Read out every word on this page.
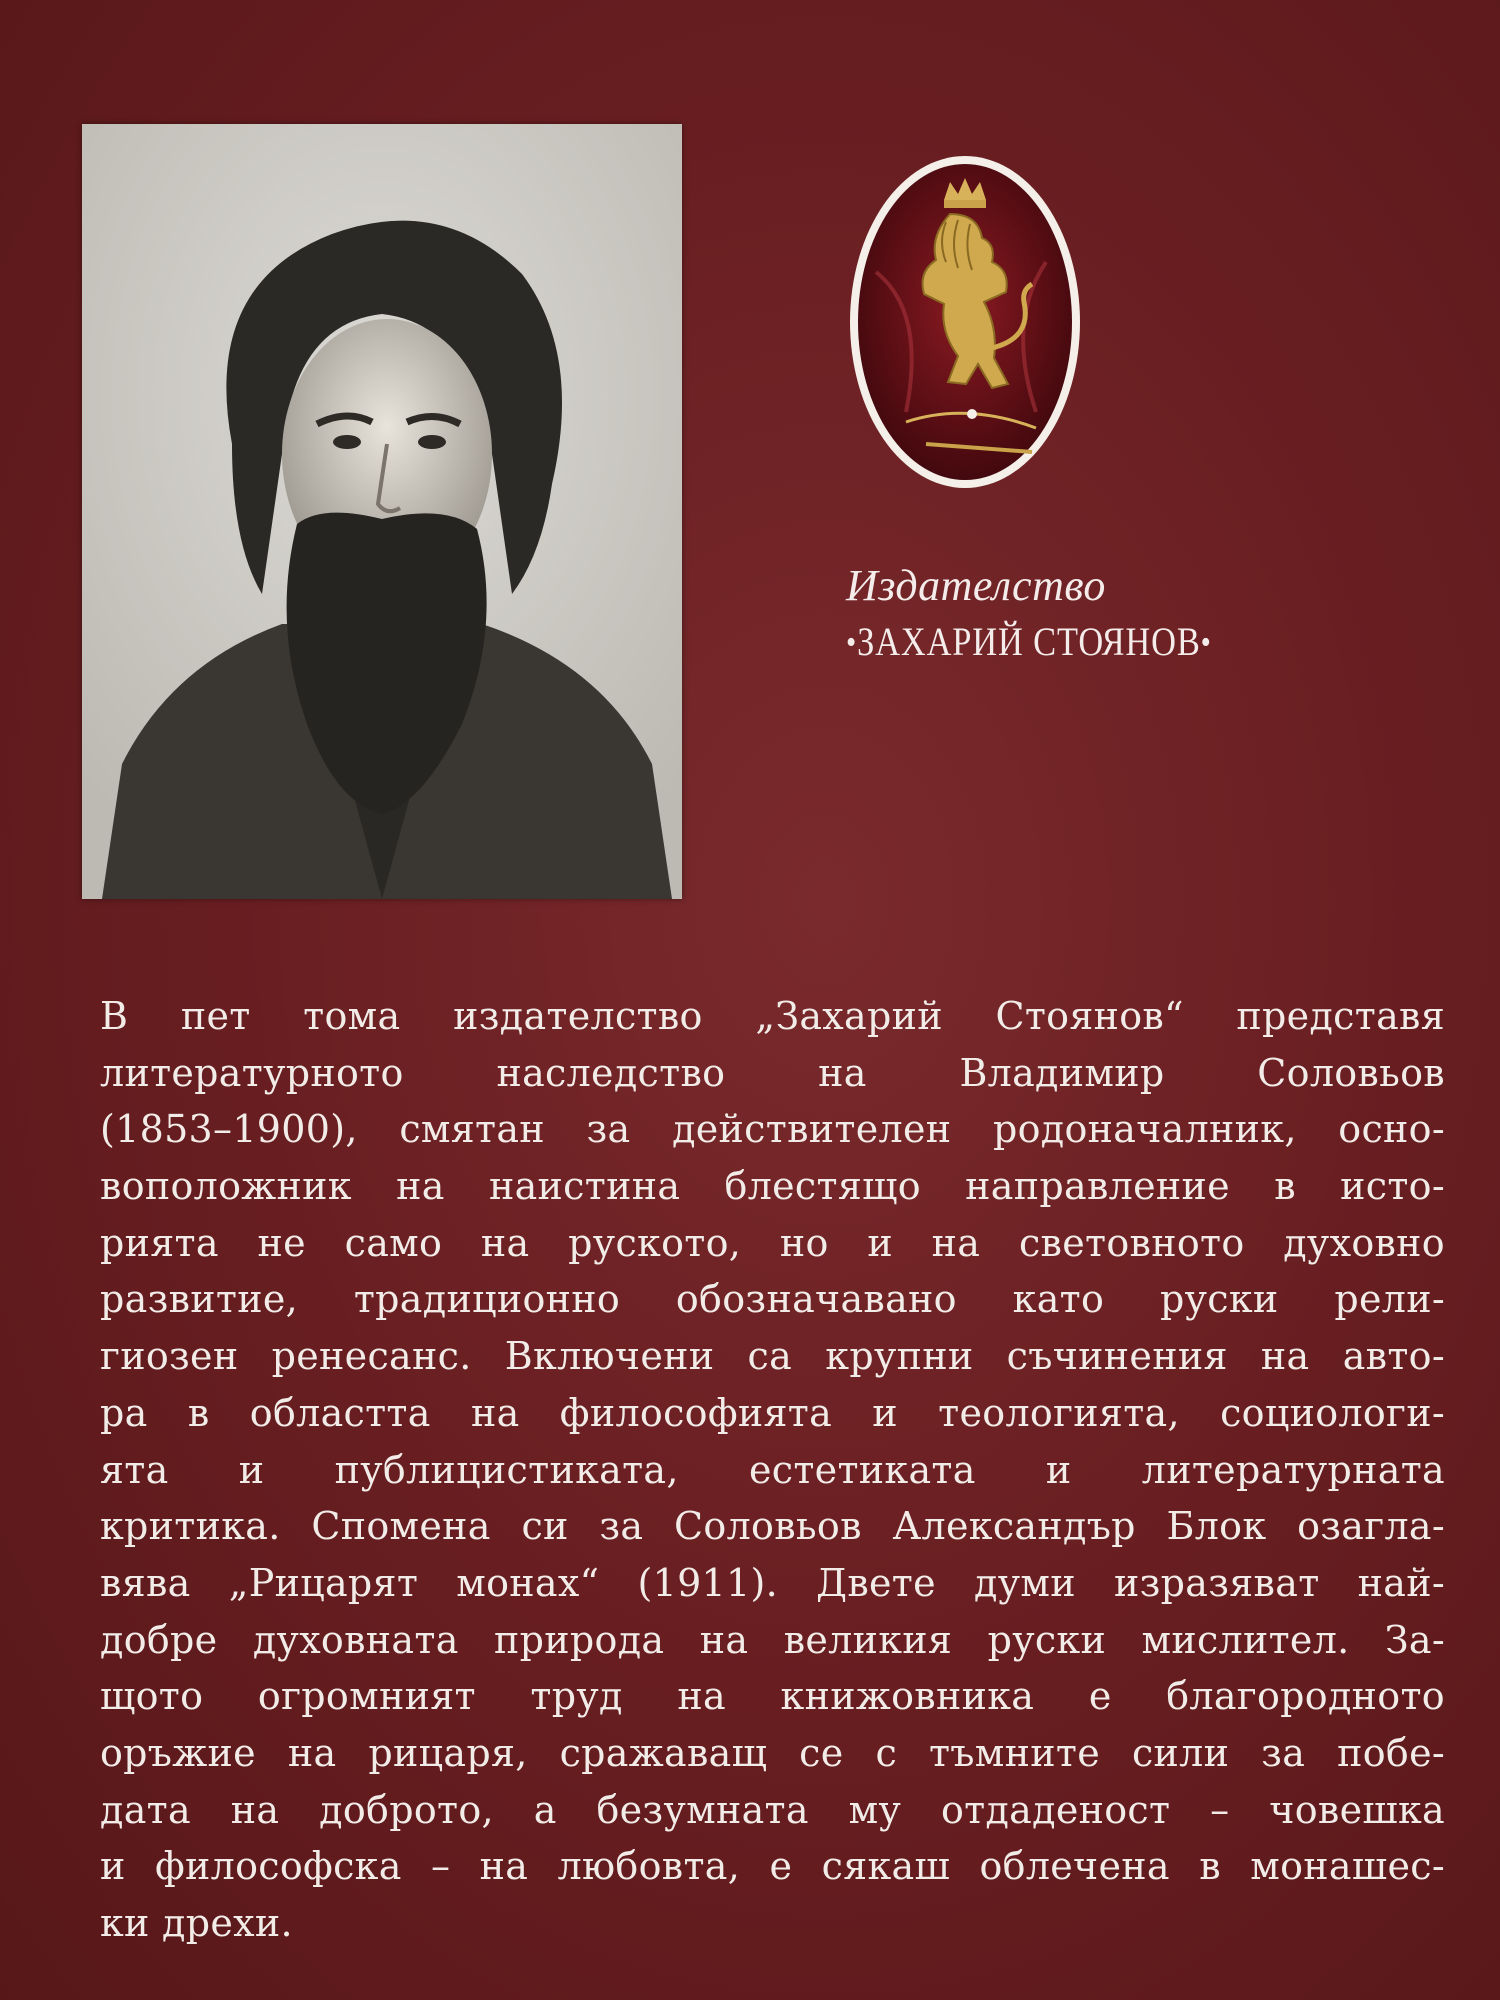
Издателство
•ЗАХАРИЙ СТОЯНОВ•
В пет тома издателство „Захарий Стоянов“ представя
литературното наследство на Владимир Соловьов
(1853–1900), смятан за действителен родоначалник, осно-
воположник на наистина блестящо направление в исто-
рията не само на руското, но и на световното духовно
развитие, традиционно обозначавано като руски рели-
гиозен ренесанс. Включени са крупни съчинения на авто-
ра в областта на философията и теологията, социологи-
ята и публицистиката, естетиката и литературната
критика. Спомена си за Соловьов Александър Блок озагла-
вява „Рицарят монах“ (1911). Двете думи изразяват най-
добре духовната природа на великия руски мислител. За-
щото огромният труд на книжовника е благородното
оръжие на рицаря, сражаващ се с тъмните сили за побе-
дата на доброто, а безумната му отдаденост – човешка
и философска – на любовта, е сякаш облечена в монашес-
ки дрехи.
